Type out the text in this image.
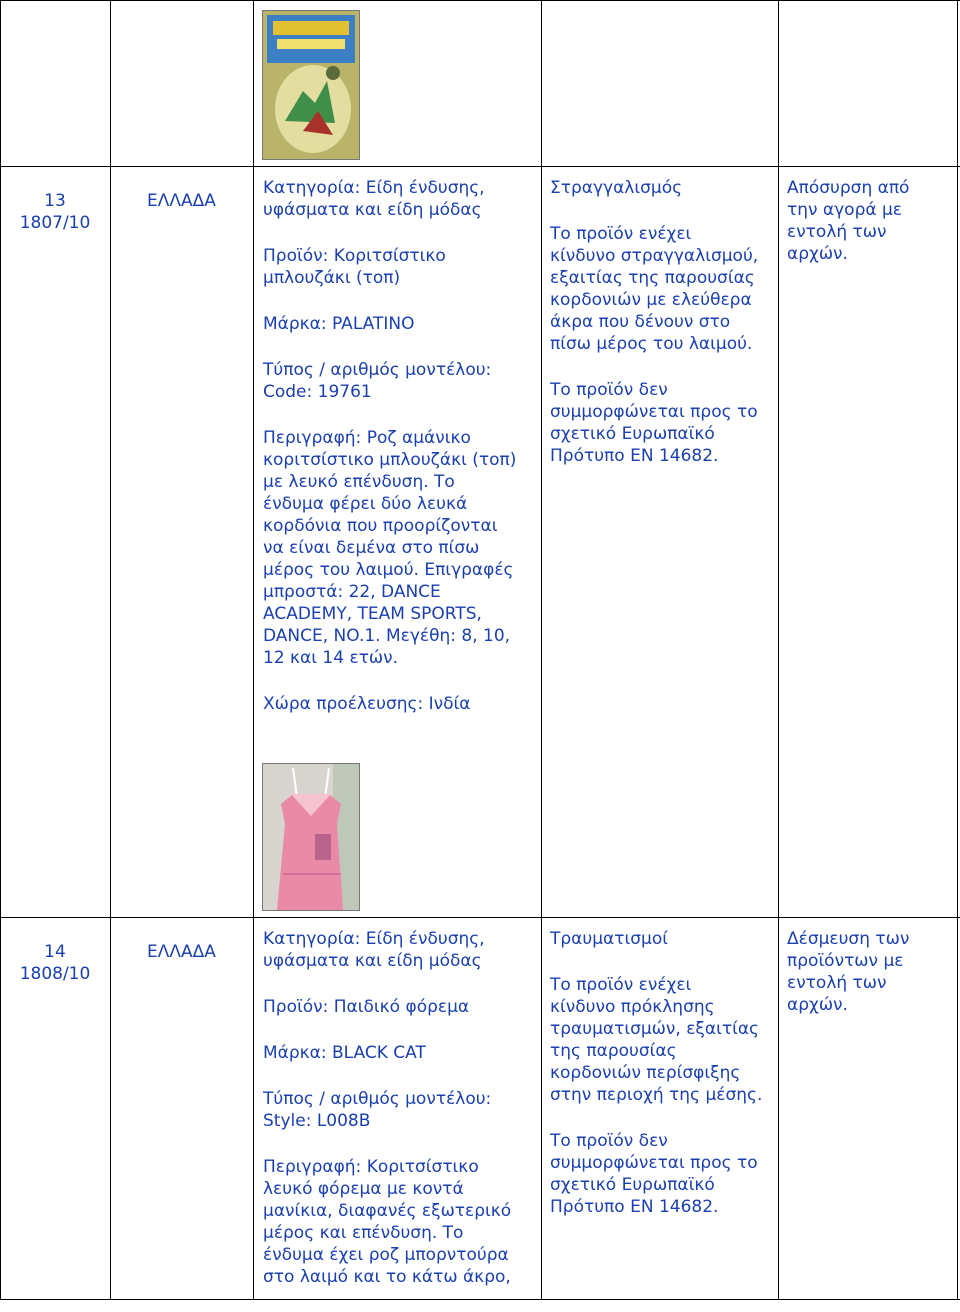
13
1807/10
ΕΛΛΑΔΑ

Κατηγορία: Είδη ένδυσης,
υφάσματα και είδη μόδας

Προϊόν: Κοριτσίστικο
μπλουζάκι (τοπ)

Μάρκα: PALATINO

Τύπος / αριθμός μοντέλου:
Code: 19761

Περιγραφή: Ροζ αμάνικο
κοριτσίστικο μπλουζάκι (τοπ)
με λευκό επένδυση. Το
ένδυμα φέρει δύο λευκά
κορδόνια που προορίζονται
να είναι δεμένα στο πίσω
μέρος του λαιμού. Επιγραφές
μπροστά: 22, DANCE
ACADEMY, TEAM SPORTS,
DANCE, NO.1. Μεγέθη: 8, 10,
12 και 14 ετών.

Χώρα προέλευσης: Ινδία

Στραγγαλισμός

Το προϊόν ενέχει
κίνδυνο στραγγαλισμού,
εξαιτίας της παρουσίας
κορδονιών με ελεύθερα
άκρα που δένουν στο
πίσω μέρος του λαιμού.

Το προϊόν δεν
συμμορφώνεται προς το
σχετικό Ευρωπαϊκό
Πρότυπο EN 14682.

Απόσυρση από
την αγορά με
εντολή των
αρχών.

14
1808/10
ΕΛΛΑΔΑ

Κατηγορία: Είδη ένδυσης,
υφάσματα και είδη μόδας

Προϊόν: Παιδικό φόρεμα

Μάρκα: BLACK CAT

Τύπος / αριθμός μοντέλου:
Style: L008B

Περιγραφή: Κοριτσίστικο
λευκό φόρεμα με κοντά
μανίκια, διαφανές εξωτερικό
μέρος και επένδυση. Το
ένδυμα έχει ροζ μπορντούρα
στο λαιμό και το κάτω άκρο,

Τραυματισμοί

Το προϊόν ενέχει
κίνδυνο πρόκλησης
τραυματισμών, εξαιτίας
της παρουσίας
κορδονιών περίσφιξης
στην περιοχή της μέσης.

Το προϊόν δεν
συμμορφώνεται προς το
σχετικό Ευρωπαϊκό
Πρότυπο EN 14682.

Δέσμευση των
προϊόντων με
εντολή των
αρχών.
